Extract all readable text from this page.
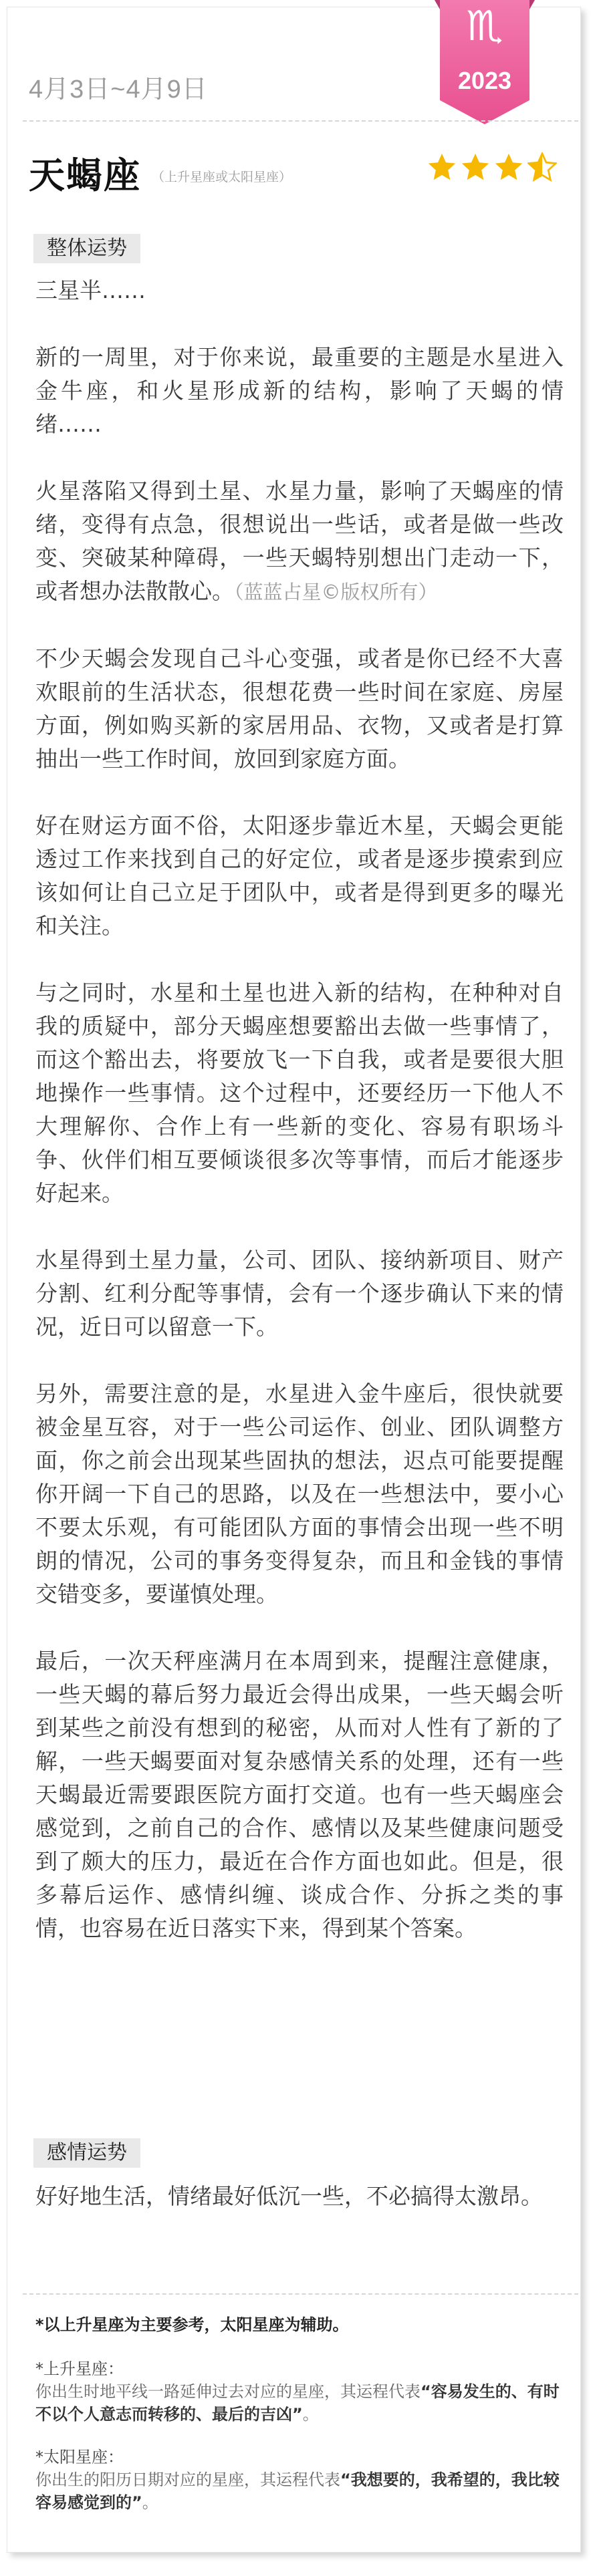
♏
2023
4月3日~4月9日
天蝎座 （上升星座或太阳星座）
整体运势

三星半……

新的一周里，对于你来说，最重要的主题是水星进入金牛座，和火星形成新的结构，影响了天蝎的情绪……

火星落陷又得到土星、水星力量，影响了天蝎座的情绪，变得有点急，很想说出一些话，或者是做一些改变、突破某种障碍，一些天蝎特别想出门走动一下，或者想办法散散心。（蓝蓝占星©版权所有）

不少天蝎会发现自己斗心变强，或者是你已经不大喜欢眼前的生活状态，很想花费一些时间在家庭、房屋方面，例如购买新的家居用品、衣物，又或者是打算抽出一些工作时间，放回到家庭方面。

好在财运方面不俗，太阳逐步靠近木星，天蝎会更能透过工作来找到自己的好定位，或者是逐步摸索到应该如何让自己立足于团队中，或者是得到更多的曝光和关注。

与之同时，水星和土星也进入新的结构，在种种对自我的质疑中，部分天蝎座想要豁出去做一些事情了，而这个豁出去，将要放飞一下自我，或者是要很大胆地操作一些事情。这个过程中，还要经历一下他人不大理解你、合作上有一些新的变化、容易有职场斗争、伙伴们相互要倾谈很多次等事情，而后才能逐步好起来。

水星得到土星力量，公司、团队、接纳新项目、财产分割、红利分配等事情，会有一个逐步确认下来的情况，近日可以留意一下。

另外，需要注意的是，水星进入金牛座后，很快就要被金星互容，对于一些公司运作、创业、团队调整方面，你之前会出现某些固执的想法，迟点可能要提醒你开阔一下自己的思路，以及在一些想法中，要小心不要太乐观，有可能团队方面的事情会出现一些不明朗的情况，公司的事务变得复杂，而且和金钱的事情交错变多，要谨慎处理。

最后，一次天秤座满月在本周到来，提醒注意健康，一些天蝎的幕后努力最近会得出成果，一些天蝎会听到某些之前没有想到的秘密，从而对人性有了新的了解，一些天蝎要面对复杂感情关系的处理，还有一些天蝎最近需要跟医院方面打交道。也有一些天蝎座会感觉到，之前自己的合作、感情以及某些健康问题受到了颇大的压力，最近在合作方面也如此。但是，很多幕后运作、感情纠缠、谈成合作、分拆之类的事情，也容易在近日落实下来，得到某个答案。

感情运势

好好地生活，情绪最好低沉一些，不必搞得太激昂。

*以上升星座为主要参考，太阳星座为辅助。
*上升星座：
你出生时地平线一路延伸过去对应的星座，其运程代表“容易发生的、有时不以个人意志而转移的、最后的吉凶”。
*太阳星座：
你出生的阳历日期对应的星座，其运程代表“我想要的，我希望的，我比较容易感觉到的”。
